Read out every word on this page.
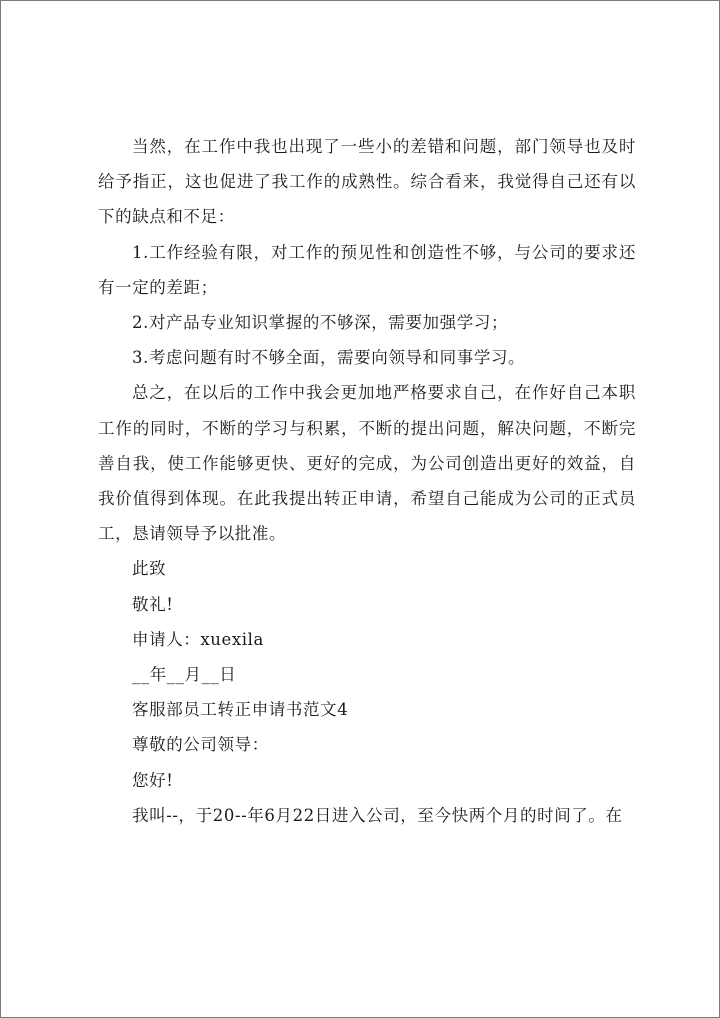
当然，在工作中我也出现了一些小的差错和问题，部门领导也及时给予指正，这也促进了我工作的成熟性。综合看来，我觉得自己还有以下的缺点和不足：

1.工作经验有限，对工作的预见性和创造性不够，与公司的要求还有一定的差距；

2.对产品专业知识掌握的不够深，需要加强学习；

3.考虑问题有时不够全面，需要向领导和同事学习。

总之，在以后的工作中我会更加地严格要求自己，在作好自己本职工作的同时，不断的学习与积累，不断的提出问题，解决问题，不断完善自我，使工作能够更快、更好的完成，为公司创造出更好的效益，自我价值得到体现。在此我提出转正申请，希望自己能成为公司的正式员工，恳请领导予以批准。

此致

敬礼!

申请人：xuexila

__年__月__日

客服部员工转正申请书范文4

尊敬的公司领导：

您好!

我叫--，于20--年6月22日进入公司，至今快两个月的时间了。在
